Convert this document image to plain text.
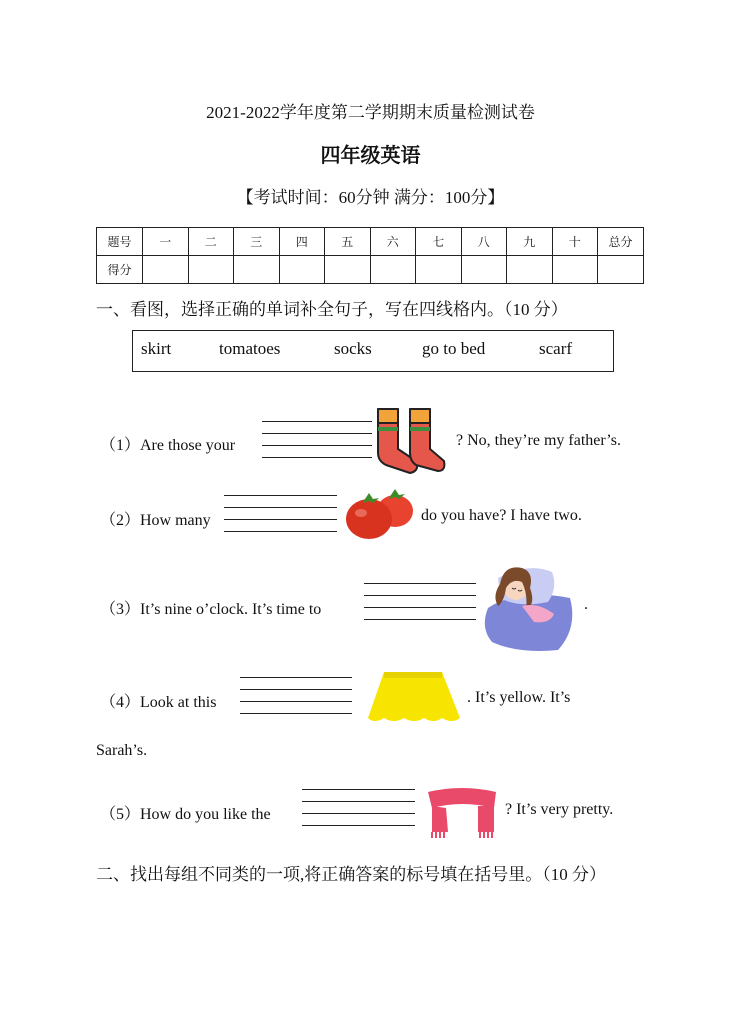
2021-2022学年度第二学期期末质量检测试卷
四年级英语
【考试时间：60分钟 满分：100分】
题号	一	二	三	四	五	六	七	八	九	十	总分
得分											
一、看图，选择正确的单词补全句子，写在四线格内。（10 分）
skirt	tomatoes	socks	go to bed	scarf
（1）Are those your	? No, they’re my father’s.
（2）How many	do you have? I have two.
（3）It’s nine o’clock. It’s time to	.
（4）Look at this	. It’s yellow. It’s
Sarah’s.
（5）How do you like the	? It’s very pretty.
二、找出每组不同类的一项,将正确答案的标号填在括号里。（10 分）
